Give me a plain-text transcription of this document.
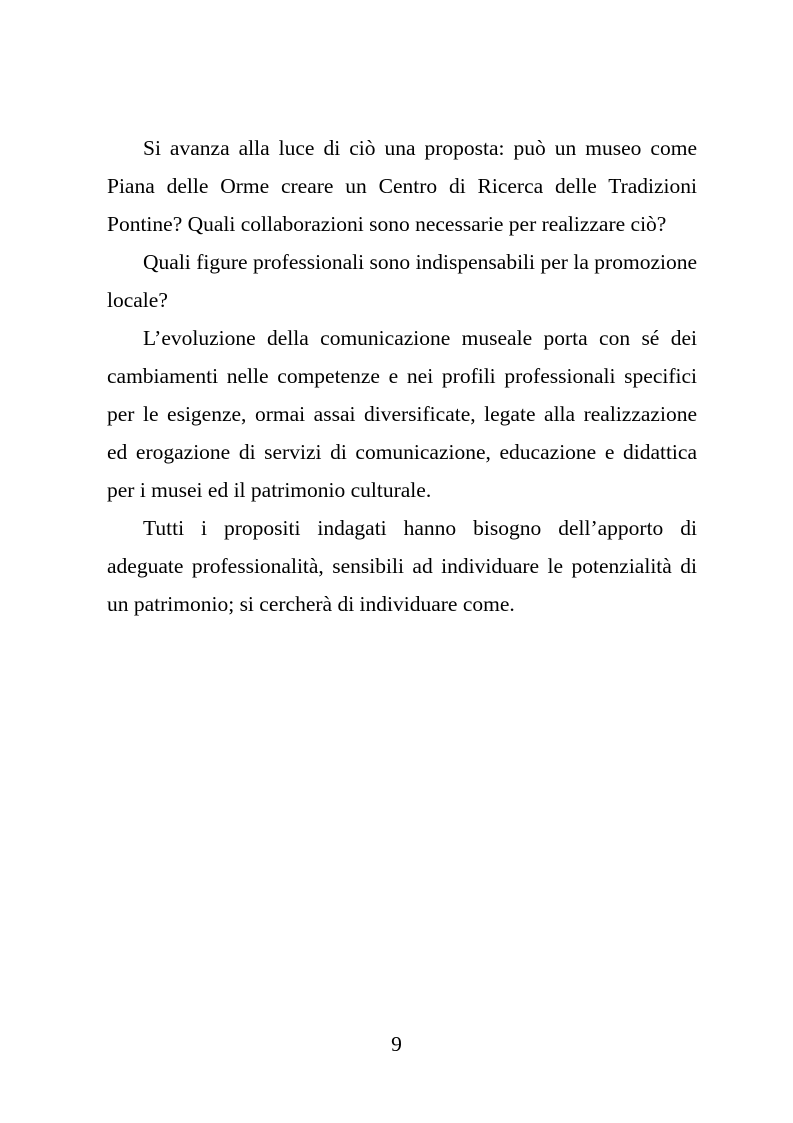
Si avanza alla luce di ciò una proposta: può un museo come Piana delle Orme creare un Centro di Ricerca delle Tradizioni Pontine? Quali collaborazioni sono necessarie per realizzare ciò?

Quali figure professionali sono indispensabili per la promozione locale?

L’evoluzione della comunicazione museale porta con sé dei cambiamenti nelle competenze e nei profili professionali specifici per le esigenze, ormai assai diversificate, legate alla realizzazione ed erogazione di servizi di comunicazione, educazione e didattica per i musei ed il patrimonio culturale.

Tutti i propositi indagati hanno bisogno dell’apporto di adeguate professionalità, sensibili ad individuare le potenzialità di un patrimonio; si cercherà di individuare come.

9
